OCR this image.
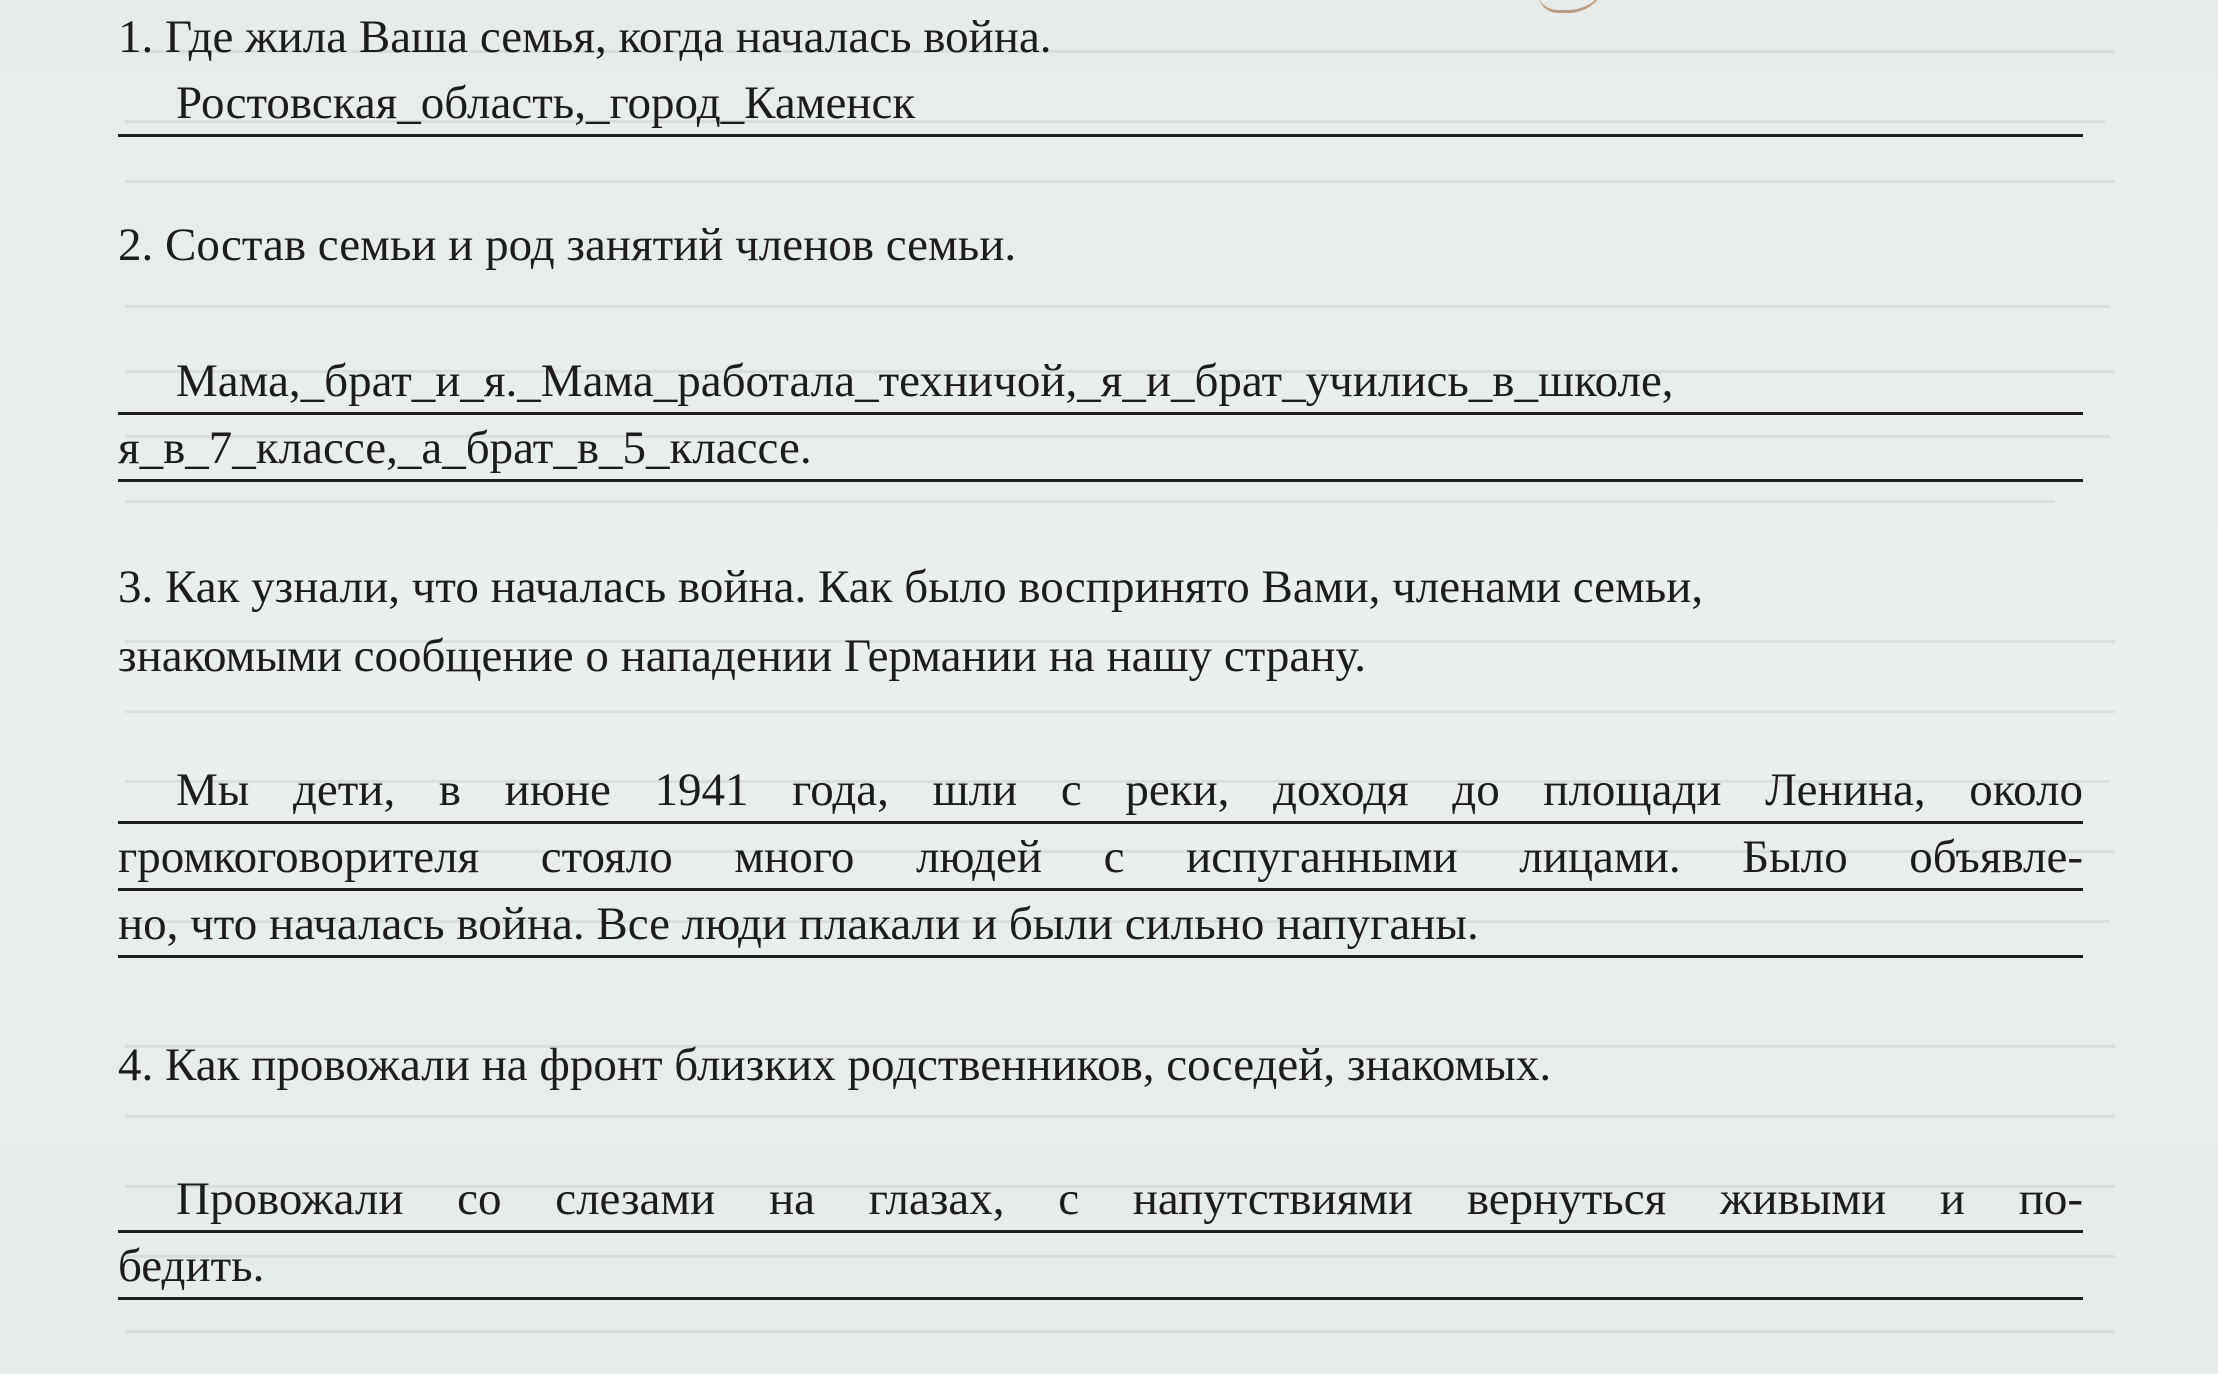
1. Где жила Ваша семья, когда началась война.

Ростовская_область,_город_Каменск

2. Состав семьи и род занятий членов семьи.

Мама,_брат_и_я._Мама_работала_техничой,_я_и_брат_учились_в_школе,
я_в_7_классе,_а_брат_в_5_классе.

3. Как узнали, что началась война. Как было воспринято Вами, членами семьи,

знакомыми сообщение о нападении Германии на нашу страну.

Мы дети, в июне 1941 года, шли с реки, доходя до площади Ленина, около
громкоговорителя стояло много людей с испуганными лицами. Было объявле-
но, что началась война. Все люди плакали и были сильно напуганы.

4. Как провожали на фронт близких родственников, соседей, знакомых.

Провожали со слезами на глазах, с напутствиями вернуться живыми и по-
бедить.
